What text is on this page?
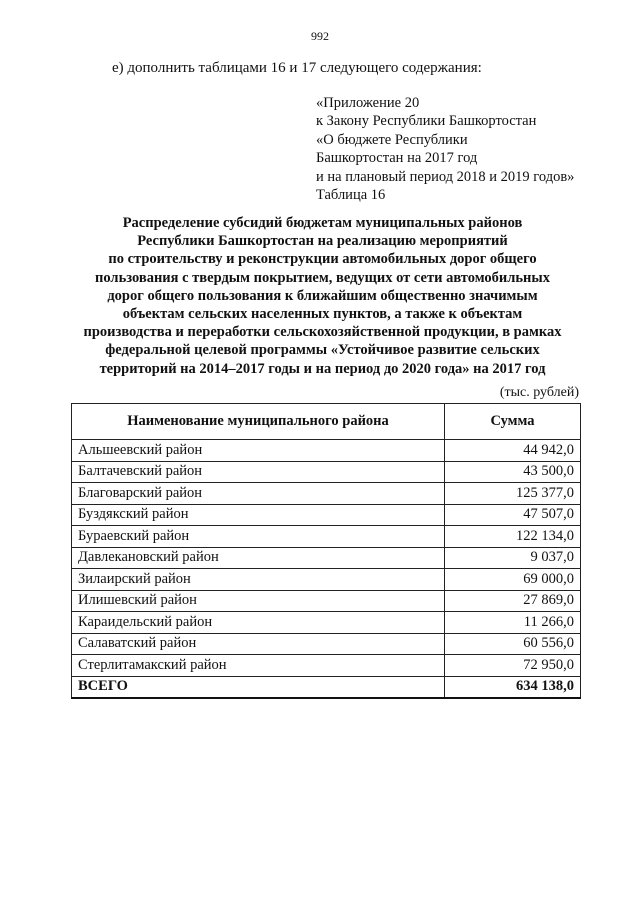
992
е) дополнить таблицами 16 и 17 следующего содержания:
«Приложение 20
к Закону Республики Башкортостан
«О бюджете Республики
Башкортостан на 2017 год
и на плановый период 2018 и 2019 годов»
Таблица 16
Распределение субсидий бюджетам муниципальных районов
Республики Башкортостан на реализацию мероприятий
по строительству и реконструкции автомобильных дорог общего
пользования с твердым покрытием, ведущих от сети автомобильных
дорог общего пользования к ближайшим общественно значимым
объектам сельских населенных пунктов, а также к объектам
производства и переработки сельскохозяйственной продукции, в рамках
федеральной целевой программы «Устойчивое развитие сельских
территорий на 2014–2017 годы и на период до 2020 года» на 2017 год
(тыс. рублей)
Наименование муниципального района	Сумма
Альшеевский район	44 942,0
Балтачевский район	43 500,0
Благоварский район	125 377,0
Буздякский район	47 507,0
Бураевский район	122 134,0
Давлекановский район	9 037,0
Зилаирский район	69 000,0
Илишевский район	27 869,0
Караидельский район	11 266,0
Салаватский район	60 556,0
Стерлитамакский район	72 950,0
ВСЕГО	634 138,0
